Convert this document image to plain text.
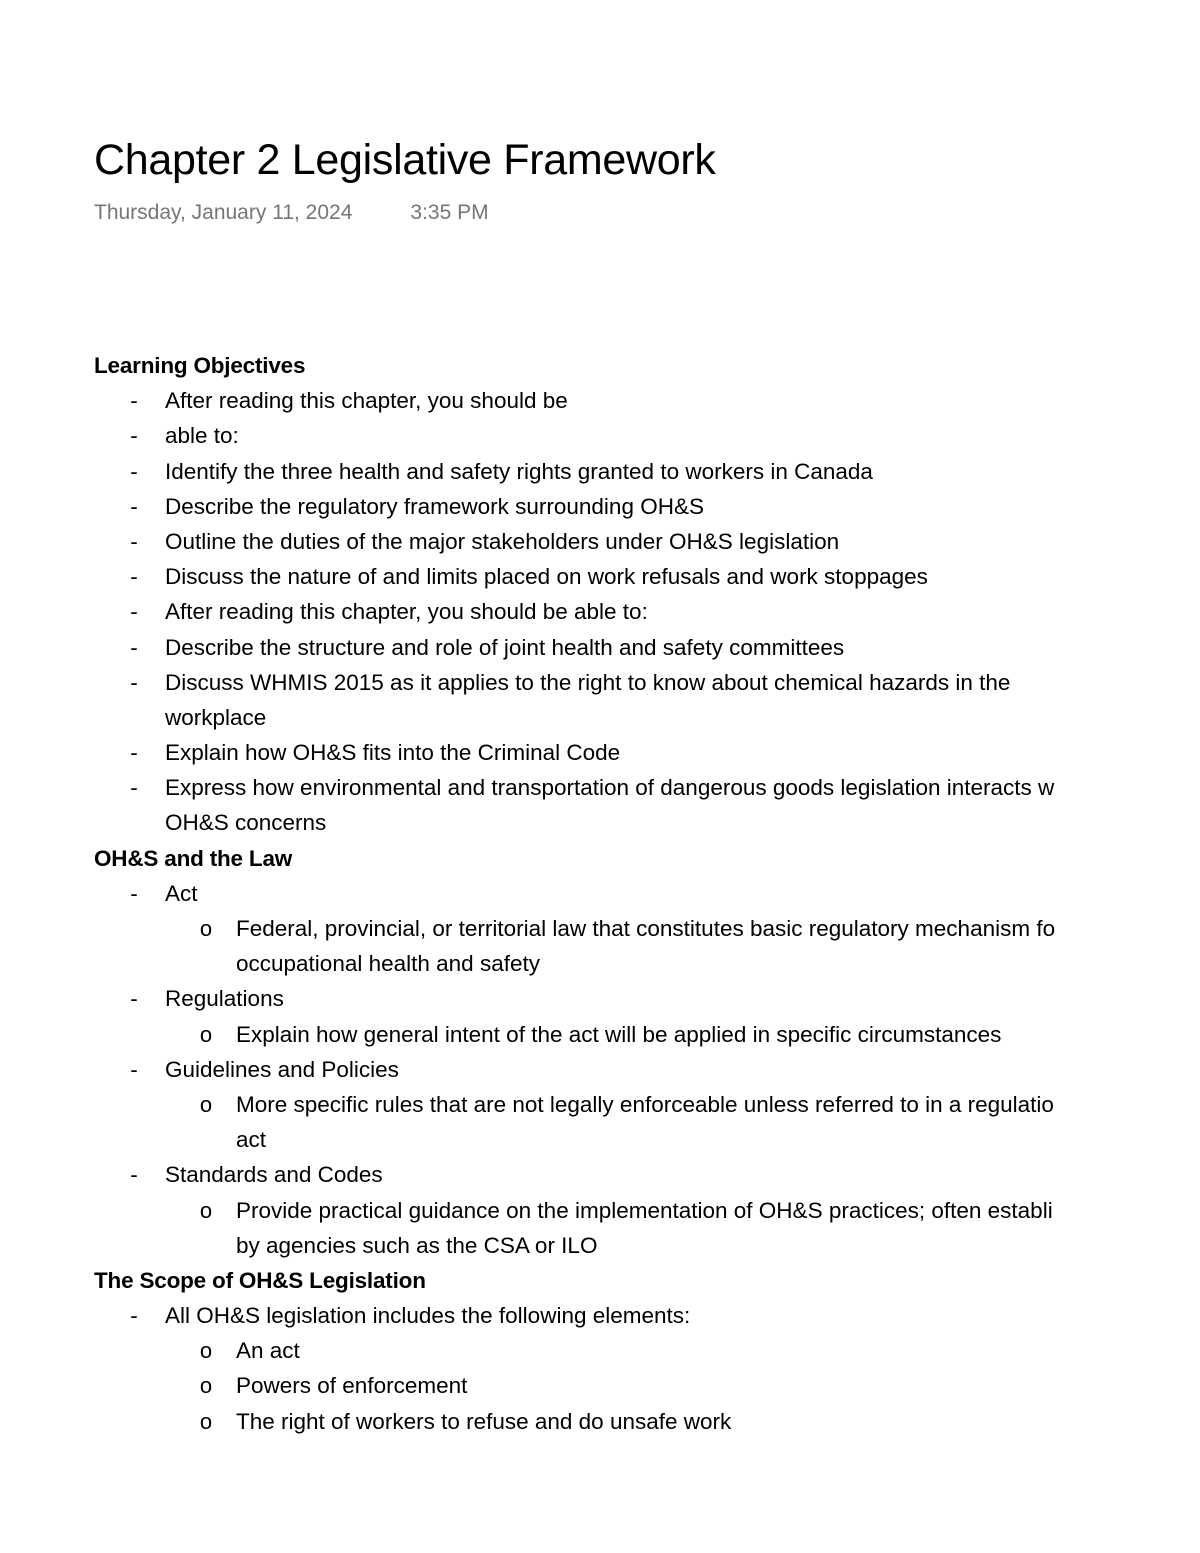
Chapter 2 Legislative Framework
Thursday, January 11, 2024	3:35 PM
Learning Objectives
- After reading this chapter, you should be
- able to:
- Identify the three health and safety rights granted to workers in Canada
- Describe the regulatory framework surrounding OH&S
- Outline the duties of the major stakeholders under OH&S legislation
- Discuss the nature of and limits placed on work refusals and work stoppages
- After reading this chapter, you should be able to:
- Describe the structure and role of joint health and safety committees
- Discuss WHMIS 2015 as it applies to the right to know about chemical hazards in the
workplace
- Explain how OH&S fits into the Criminal Code
- Express how environmental and transportation of dangerous goods legislation interacts w
OH&S concerns
OH&S and the Law
- Act
o Federal, provincial, or territorial law that constitutes basic regulatory mechanism fo
occupational health and safety
- Regulations
o Explain how general intent of the act will be applied in specific circumstances
- Guidelines and Policies
o More specific rules that are not legally enforceable unless referred to in a regulatio
act
- Standards and Codes
o Provide practical guidance on the implementation of OH&S practices; often establi
by agencies such as the CSA or ILO
The Scope of OH&S Legislation
- All OH&S legislation includes the following elements:
o An act
o Powers of enforcement
o The right of workers to refuse and do unsafe work
